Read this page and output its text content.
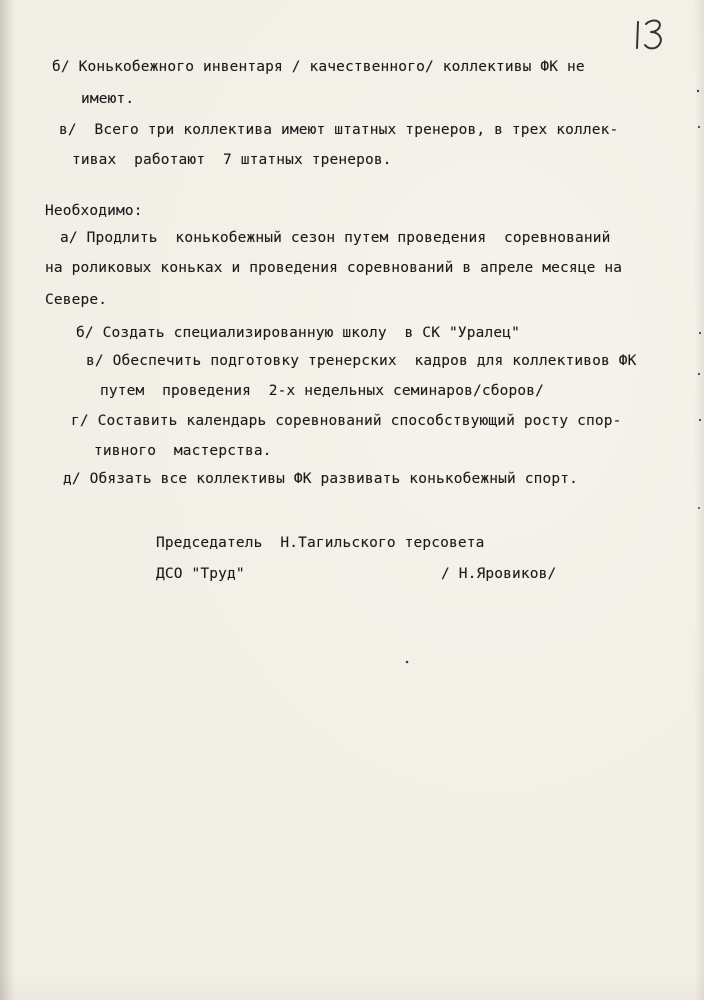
б/ Конькобежного инвентаря / качественного/ коллективы ФК не
имеют.
в/  Всего три коллектива имеют штатных тренеров, в трех коллек-
тивах  работают  7 штатных тренеров.
Необходимо:
а/ Продлить  конькобежный сезон путем проведения  соревнований
на роликовых коньках и проведения соревнований в апреле месяце на
Севере.
б/ Создать специализированную школу  в СК "Уралец"
в/ Обеспечить подготовку тренерских  кадров для коллективов ФК
путем  проведения  2-х недельных семинаров/сборов/
г/ Составить календарь соревнований способствующий росту спор-
тивного  мастерства.
д/ Обязать все коллективы ФК развивать конькобежный спорт.
Председатель  Н.Тагильского терсовета
ДСО "Труд"	/ Н.Яровиков/
